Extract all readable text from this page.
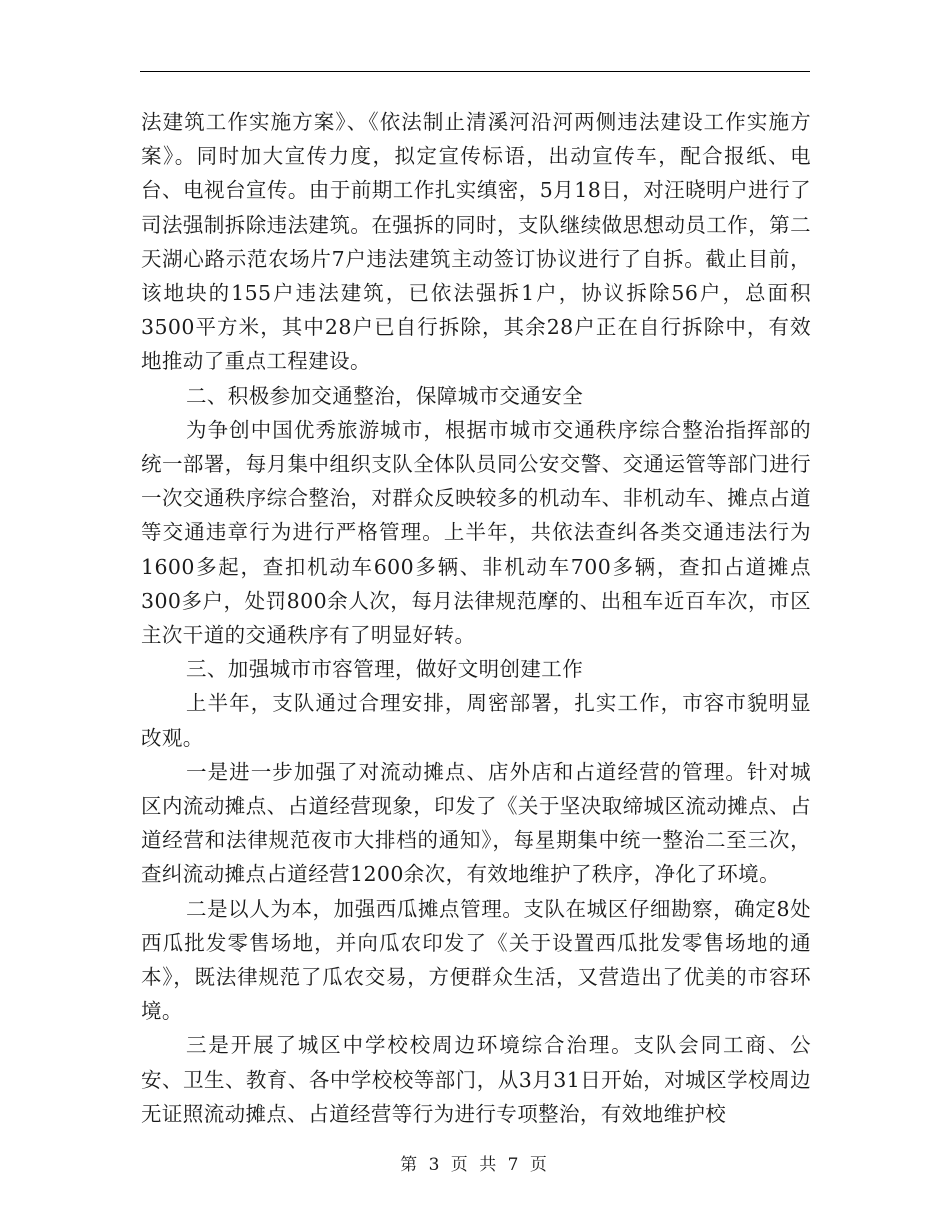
法建筑工作实施方案》、《依法制止清溪河沿河两侧违法建设工作实施方案》。同时加大宣传力度，拟定宣传标语，出动宣传车，配合报纸、电台、电视台宣传。由于前期工作扎实缜密，5月18日，对汪晓明户进行了司法强制拆除违法建筑。在强拆的同时，支队继续做思想动员工作，第二天湖心路示范农场片7户违法建筑主动签订协议进行了自拆。截止目前，该地块的155户违法建筑，已依法强拆1户，协议拆除56户，总面积3500平方米，其中28户已自行拆除，其余28户正在自行拆除中，有效地推动了重点工程建设。

二、积极参加交通整治，保障城市交通安全

为争创中国优秀旅游城市，根据市城市交通秩序综合整治指挥部的统一部署，每月集中组织支队全体队员同公安交警、交通运管等部门进行一次交通秩序综合整治，对群众反映较多的机动车、非机动车、摊点占道等交通违章行为进行严格管理。上半年，共依法查纠各类交通违法行为1600多起，查扣机动车600多辆、非机动车700多辆，查扣占道摊点300多户，处罚800余人次，每月法律规范摩的、出租车近百车次，市区主次干道的交通秩序有了明显好转。

三、加强城市市容管理，做好文明创建工作

上半年，支队通过合理安排，周密部署，扎实工作，市容市貌明显改观。

一是进一步加强了对流动摊点、店外店和占道经营的管理。针对城区内流动摊点、占道经营现象，印发了《关于坚决取缔城区流动摊点、占道经营和法律规范夜市大排档的通知》，每星期集中统一整治二至三次，查纠流动摊点占道经营1200余次，有效地维护了秩序，净化了环境。

二是以人为本，加强西瓜摊点管理。支队在城区仔细勘察，确定8处西瓜批发零售场地，并向瓜农印发了《关于设置西瓜批发零售场地的通本》，既法律规范了瓜农交易，方便群众生活，又营造出了优美的市容环境。

三是开展了城区中学校校周边环境综合治理。支队会同工商、公安、卫生、教育、各中学校校等部门，从3月31日开始，对城区学校周边无证照流动摊点、占道经营等行为进行专项整治，有效地维护校

第 3 页 共 7 页
